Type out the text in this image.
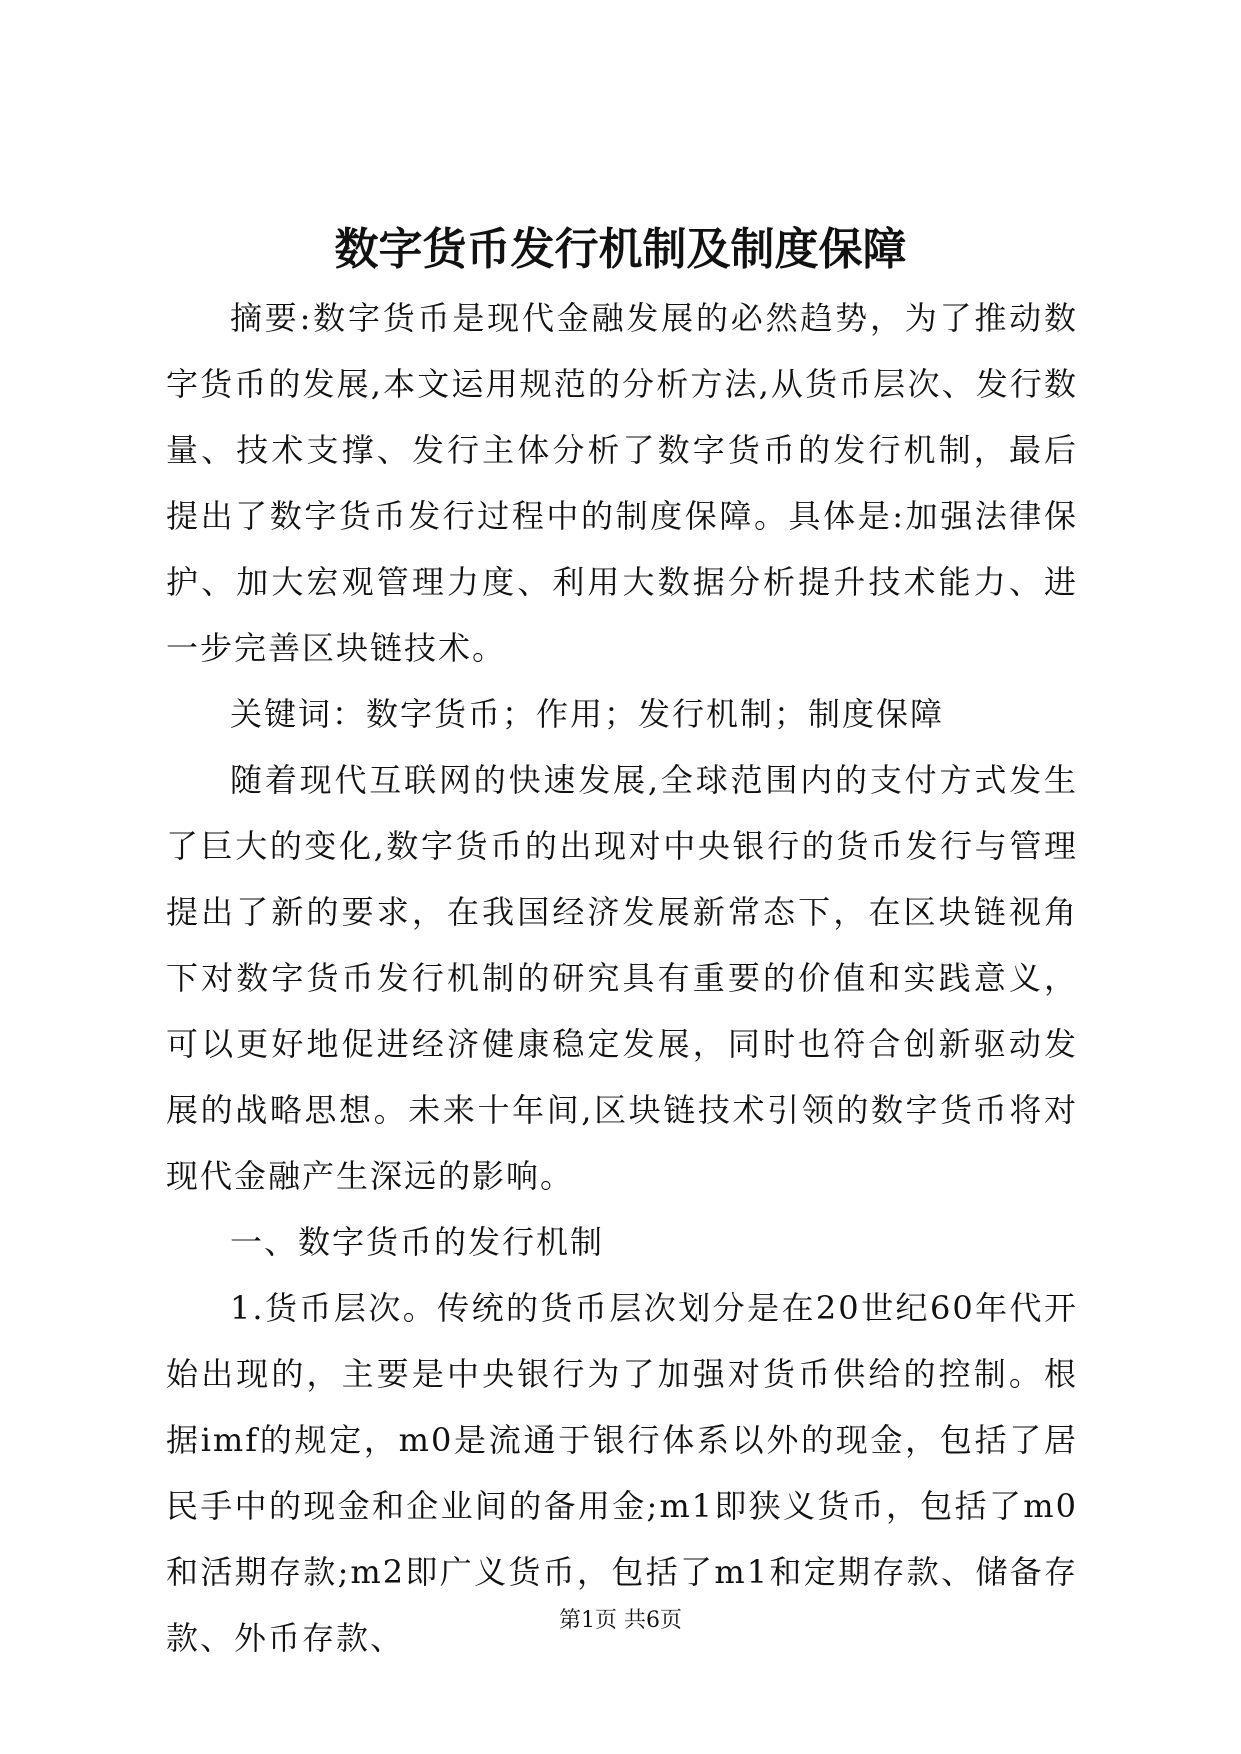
数字货币发行机制及制度保障

摘要:数字货币是现代金融发展的必然趋势，为了推动数字货币的发展,本文运用规范的分析方法,从货币层次、发行数量、技术支撑、发行主体分析了数字货币的发行机制，最后提出了数字货币发行过程中的制度保障。具体是:加强法律保护、加大宏观管理力度、利用大数据分析提升技术能力、进一步完善区块链技术。

关键词：数字货币；作用；发行机制；制度保障

随着现代互联网的快速发展,全球范围内的支付方式发生了巨大的变化,数字货币的出现对中央银行的货币发行与管理提出了新的要求，在我国经济发展新常态下，在区块链视角下对数字货币发行机制的研究具有重要的价值和实践意义，可以更好地促进经济健康稳定发展，同时也符合创新驱动发展的战略思想。未来十年间,区块链技术引领的数字货币将对现代金融产生深远的影响。

一、数字货币的发行机制

1.货币层次。传统的货币层次划分是在20世纪60年代开始出现的，主要是中央银行为了加强对货币供给的控制。根据imf的规定，m0是流通于银行体系以外的现金，包括了居民手中的现金和企业间的备用金;m1即狭义货币，包括了m0和活期存款;m2即广义货币，包括了m1和定期存款、储备存款、外币存款、	第1页 共6页
